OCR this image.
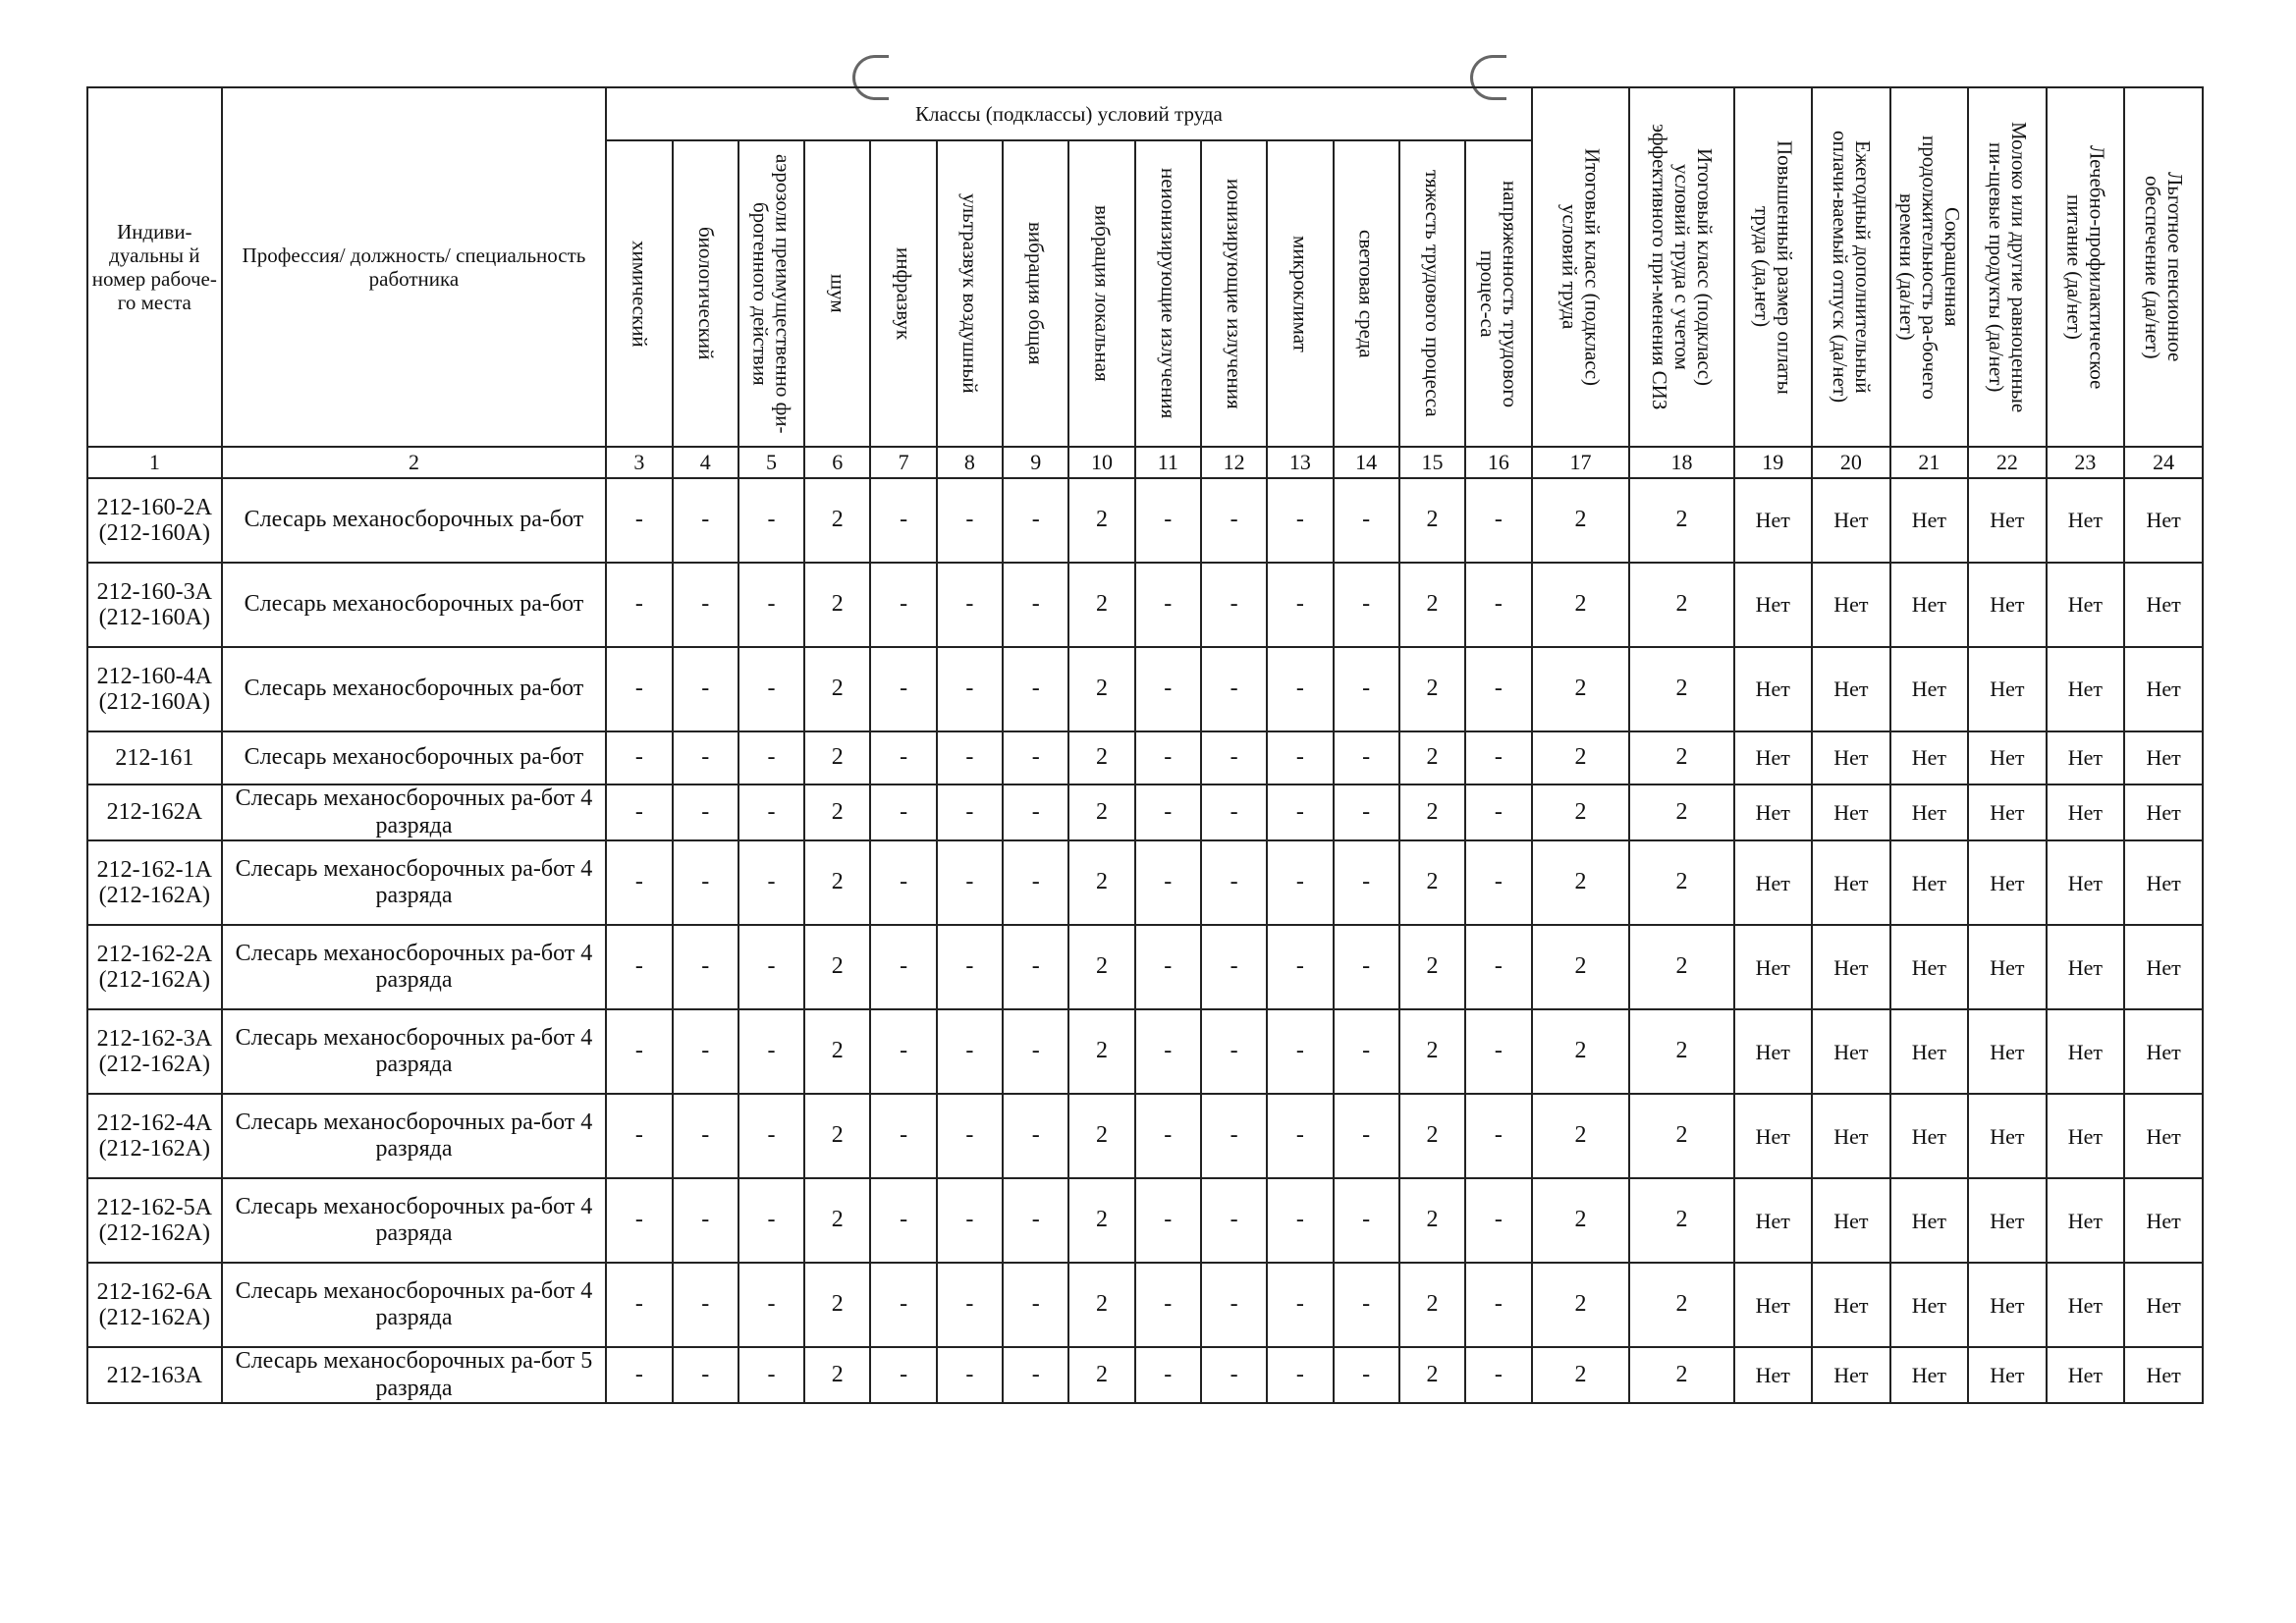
Индиви-дуальны й номер рабоче-го места	Профессия/ должность/ специальность работника	Классы (подклассы) условий труда														Итоговый класс (подкласс) условий труда	Итоговый класс (подкласс) условий труда с учетом эффективного при-менения СИЗ	Повышенный размер оплаты труда (да,нет)	Ежегодный дополнительный оплачи-ваемый отпуск (да/нет)	Сокращенная продолжительность ра-бочего времени (да/нет)	Молоко или другие равноценные пи-щевые продукты (да/нет)	Лечебно-профилактическое питание (да/нет)	Льготное пенсионное обеспечение (да/нет)

		химический	биологический	аэрозоли преимущественно фи-брогенного действия	шум	инфразвук	ультразвук воздушный	вибрация общая	вибрация локальная	неионизирующие излучения	ионизирующие излучения	микроклимат	световая среда	тяжесть трудового процесса	напряженность трудового процес-са								

1	2	3	4	5	6	7	8	9	10	11	12	13	14	15	16	17	18	19	20	21	22	23	24
212-160-2А (212-160А)	Слесарь механосборочных ра-бот	-	-	-	2	-	-	-	2	-	-	-	-	2	-	2	2	Нет	Нет	Нет	Нет	Нет	Нет
212-160-3А (212-160А)	Слесарь механосборочных ра-бот	-	-	-	2	-	-	-	2	-	-	-	-	2	-	2	2	Нет	Нет	Нет	Нет	Нет	Нет
212-160-4А (212-160А)	Слесарь механосборочных ра-бот	-	-	-	2	-	-	-	2	-	-	-	-	2	-	2	2	Нет	Нет	Нет	Нет	Нет	Нет
212-161	Слесарь механосборочных ра-бот	-	-	-	2	-	-	-	2	-	-	-	-	2	-	2	2	Нет	Нет	Нет	Нет	Нет	Нет
212-162А	Слесарь механосборочных ра-бот 4 разряда	-	-	-	2	-	-	-	2	-	-	-	-	2	-	2	2	Нет	Нет	Нет	Нет	Нет	Нет
212-162-1А (212-162А)	Слесарь механосборочных ра-бот 4 разряда	-	-	-	2	-	-	-	2	-	-	-	-	2	-	2	2	Нет	Нет	Нет	Нет	Нет	Нет
212-162-2А (212-162А)	Слесарь механосборочных ра-бот 4 разряда	-	-	-	2	-	-	-	2	-	-	-	-	2	-	2	2	Нет	Нет	Нет	Нет	Нет	Нет
212-162-3А (212-162А)	Слесарь механосборочных ра-бот 4 разряда	-	-	-	2	-	-	-	2	-	-	-	-	2	-	2	2	Нет	Нет	Нет	Нет	Нет	Нет
212-162-4А (212-162А)	Слесарь механосборочных ра-бот 4 разряда	-	-	-	2	-	-	-	2	-	-	-	-	2	-	2	2	Нет	Нет	Нет	Нет	Нет	Нет
212-162-5А (212-162А)	Слесарь механосборочных ра-бот 4 разряда	-	-	-	2	-	-	-	2	-	-	-	-	2	-	2	2	Нет	Нет	Нет	Нет	Нет	Нет
212-162-6А (212-162А)	Слесарь механосборочных ра-бот 4 разряда	-	-	-	2	-	-	-	2	-	-	-	-	2	-	2	2	Нет	Нет	Нет	Нет	Нет	Нет
212-163А	Слесарь механосборочных ра-бот 5 разряда	-	-	-	2	-	-	-	2	-	-	-	-	2	-	2	2	Нет	Нет	Нет	Нет	Нет	Нет
